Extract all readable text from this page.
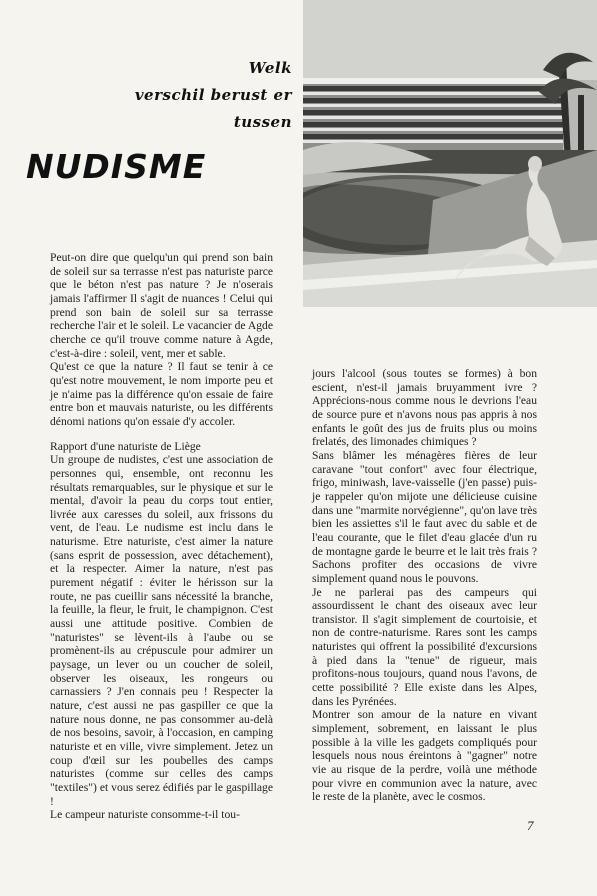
Welk
verschil berust er
tussen
NUDISME

Peut-on dire que quelqu'un qui prend son bain de soleil sur sa terrasse n'est pas naturiste parce que le béton n'est pas nature ? Je n'oserais jamais l'affirmer Il s'agit de nuances ! Celui qui prend son bain de soleil sur sa terrasse recherche l'air et le soleil. Le vacancier de Agde cherche ce qu'il trouve comme nature à Agde, c'est-à-dire : soleil, vent, mer et sable.

Qu'est ce que la nature ? Il faut se tenir à ce qu'est notre mouvement, le nom importe peu et je n'aime pas la différence qu'on essaie de faire entre bon et mauvais naturiste, ou les différents dénomi nations qu'on essaie d'y accoler.

Rapport d'une naturiste de Liège

Un groupe de nudistes, c'est une association de personnes qui, ensemble, ont reconnu les résultats remarquables, sur le physique et sur le mental, d'avoir la peau du corps tout entier, livrée aux caresses du soleil, aux frissons du vent, de l'eau. Le nudisme est inclu dans le naturisme. Etre naturiste, c'est aimer la nature (sans esprit de possession, avec détachement), et la respecter. Aimer la nature, n'est pas purement négatif : éviter le hérisson sur la route, ne pas cueillir sans nécessité la branche, la feuille, la fleur, le fruit, le champignon. C'est aussi une attitude positive. Combien de "naturistes" se lèvent-ils à l'aube ou se promènent-ils au crépuscule pour admirer un paysage, un lever ou un coucher de soleil, observer les oiseaux, les rongeurs ou carnassiers ? J'en connais peu ! Respecter la nature, c'est aussi ne pas gaspiller ce que la nature nous donne, ne pas consommer au-delà de nos besoins, savoir, à l'occasion, en camping naturiste et en ville, vivre simplement. Jetez un coup d'œil sur les poubelles des camps naturistes (comme sur celles des camps "textiles") et vous serez édifiés par le gaspillage !

Le campeur naturiste consomme-t-il tou-

jours l'alcool (sous toutes se formes) à bon escient, n'est-il jamais bruyamment ivre ? Apprécions-nous comme nous le devrions l'eau de source pure et n'avons nous pas appris à nos enfants le goût des jus de fruits plus ou moins frelatés, des limonades chimiques ?

Sans blâmer les ménagères fières de leur caravane "tout confort" avec four électrique, frigo, miniwash, lave-vaisselle (j'en passe) puis-je rappeler qu'on mijote une délicieuse cuisine dans une "marmite norvégienne", qu'on lave très bien les assiettes s'il le faut avec du sable et de l'eau courante, que le filet d'eau glacée d'un ru de montagne garde le beurre et le lait très frais ? Sachons profiter des occasions de vivre simplement quand nous le pouvons.

Je ne parlerai pas des campeurs qui assourdissent le chant des oiseaux avec leur transistor. Il s'agit simplement de courtoisie, et non de contre-naturisme. Rares sont les camps naturistes qui offrent la possibilité d'excursions à pied dans la "tenue" de rigueur, mais profitons-nous toujours, quand nous l'avons, de cette possibilité ? Elle existe dans les Alpes, dans les Pyrénées.

Montrer son amour de la nature en vivant simplement, sobrement, en laissant le plus possible à la ville les gadgets compliqués pour lesquels nous nous éreintons à "gagner" notre vie au risque de la perdre, voilà une méthode pour vivre en communion avec la nature, avec le reste de la planète, avec le cosmos.

7
